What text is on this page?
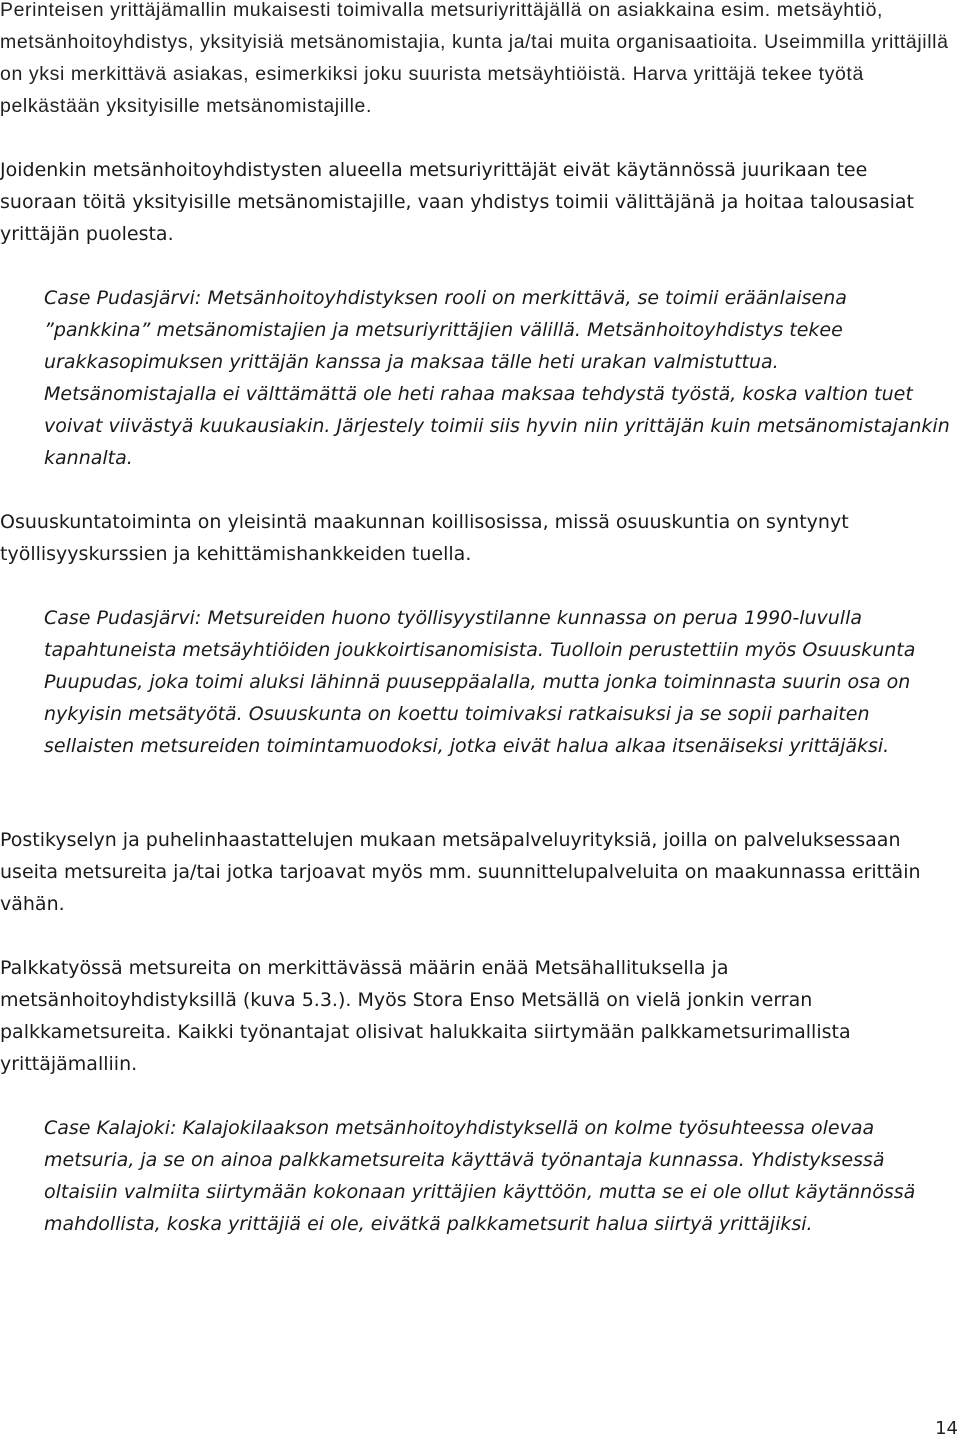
Perinteisen yrittäjämallin mukaisesti toimivalla metsuriyrittäjällä on asiakkaina esim. metsäyhtiö, metsänhoitoyhdistys, yksityisiä metsänomistajia, kunta ja/tai muita organisaatioita. Useimmilla yrittäjillä on yksi merkittävä asiakas, esimerkiksi joku suurista metsäyhtiöistä. Harva yrittäjä tekee työtä pelkästään yksityisille metsänomistajille.

Joidenkin metsänhoitoyhdistysten alueella metsuriyrittäjät eivät käytännössä juurikaan tee suoraan töitä yksityisille metsänomistajille, vaan yhdistys toimii välittäjänä ja hoitaa talousasiat yrittäjän puolesta.

Case Pudasjärvi: Metsänhoitoyhdistyksen rooli on merkittävä, se toimii eräänlaisena ”pankkina” metsänomistajien ja metsuriyrittäjien välillä. Metsänhoitoyhdistys tekee urakkasopimuksen yrittäjän kanssa ja maksaa tälle heti urakan valmistuttua. Metsänomistajalla ei välttämättä ole heti rahaa maksaa tehdystä työstä, koska valtion tuet voivat viivästyä kuukausiakin. Järjestely toimii siis hyvin niin yrittäjän kuin metsänomistajankin kannalta.

Osuuskuntatoiminta on yleisintä maakunnan koillisosissa, missä osuuskuntia on syntynyt työllisyyskurssien ja kehittämishankkeiden tuella.

Case Pudasjärvi: Metsureiden huono työllisyystilanne kunnassa on perua 1990-luvulla tapahtuneista metsäyhtiöiden joukkoirtisanomisista. Tuolloin perustettiin myös Osuuskunta Puupudas, joka toimi aluksi lähinnä puuseppäalalla, mutta jonka toiminnasta suurin osa on nykyisin metsätyötä. Osuuskunta on koettu toimivaksi ratkaisuksi ja se sopii parhaiten sellaisten metsureiden toimintamuodoksi, jotka eivät halua alkaa itsenäiseksi yrittäjäksi.

Postikyselyn ja puhelinhaastattelujen mukaan metsäpalveluyrityksiä, joilla on palveluksessaan useita metsureita ja/tai jotka tarjoavat myös mm. suunnittelupalveluita on maakunnassa erittäin vähän.

Palkkatyössä metsureita on merkittävässä määrin enää Metsähallituksella ja metsänhoitoyhdistyksillä (kuva 5.3.). Myös Stora Enso Metsällä on vielä jonkin verran palkkametsureita. Kaikki työnantajat olisivat halukkaita siirtymään palkkametsurimallista yrittäjämalliin.

Case Kalajoki: Kalajokilaakson metsänhoitoyhdistyksellä on kolme työsuhteessa olevaa metsuria, ja se on ainoa palkkametsureita käyttävä työnantaja kunnassa. Yhdistyksessä oltaisiin valmiita siirtymään kokonaan yrittäjien käyttöön, mutta se ei ole ollut käytännössä mahdollista, koska yrittäjiä ei ole, eivätkä palkkametsurit halua siirtyä yrittäjiksi.

14
